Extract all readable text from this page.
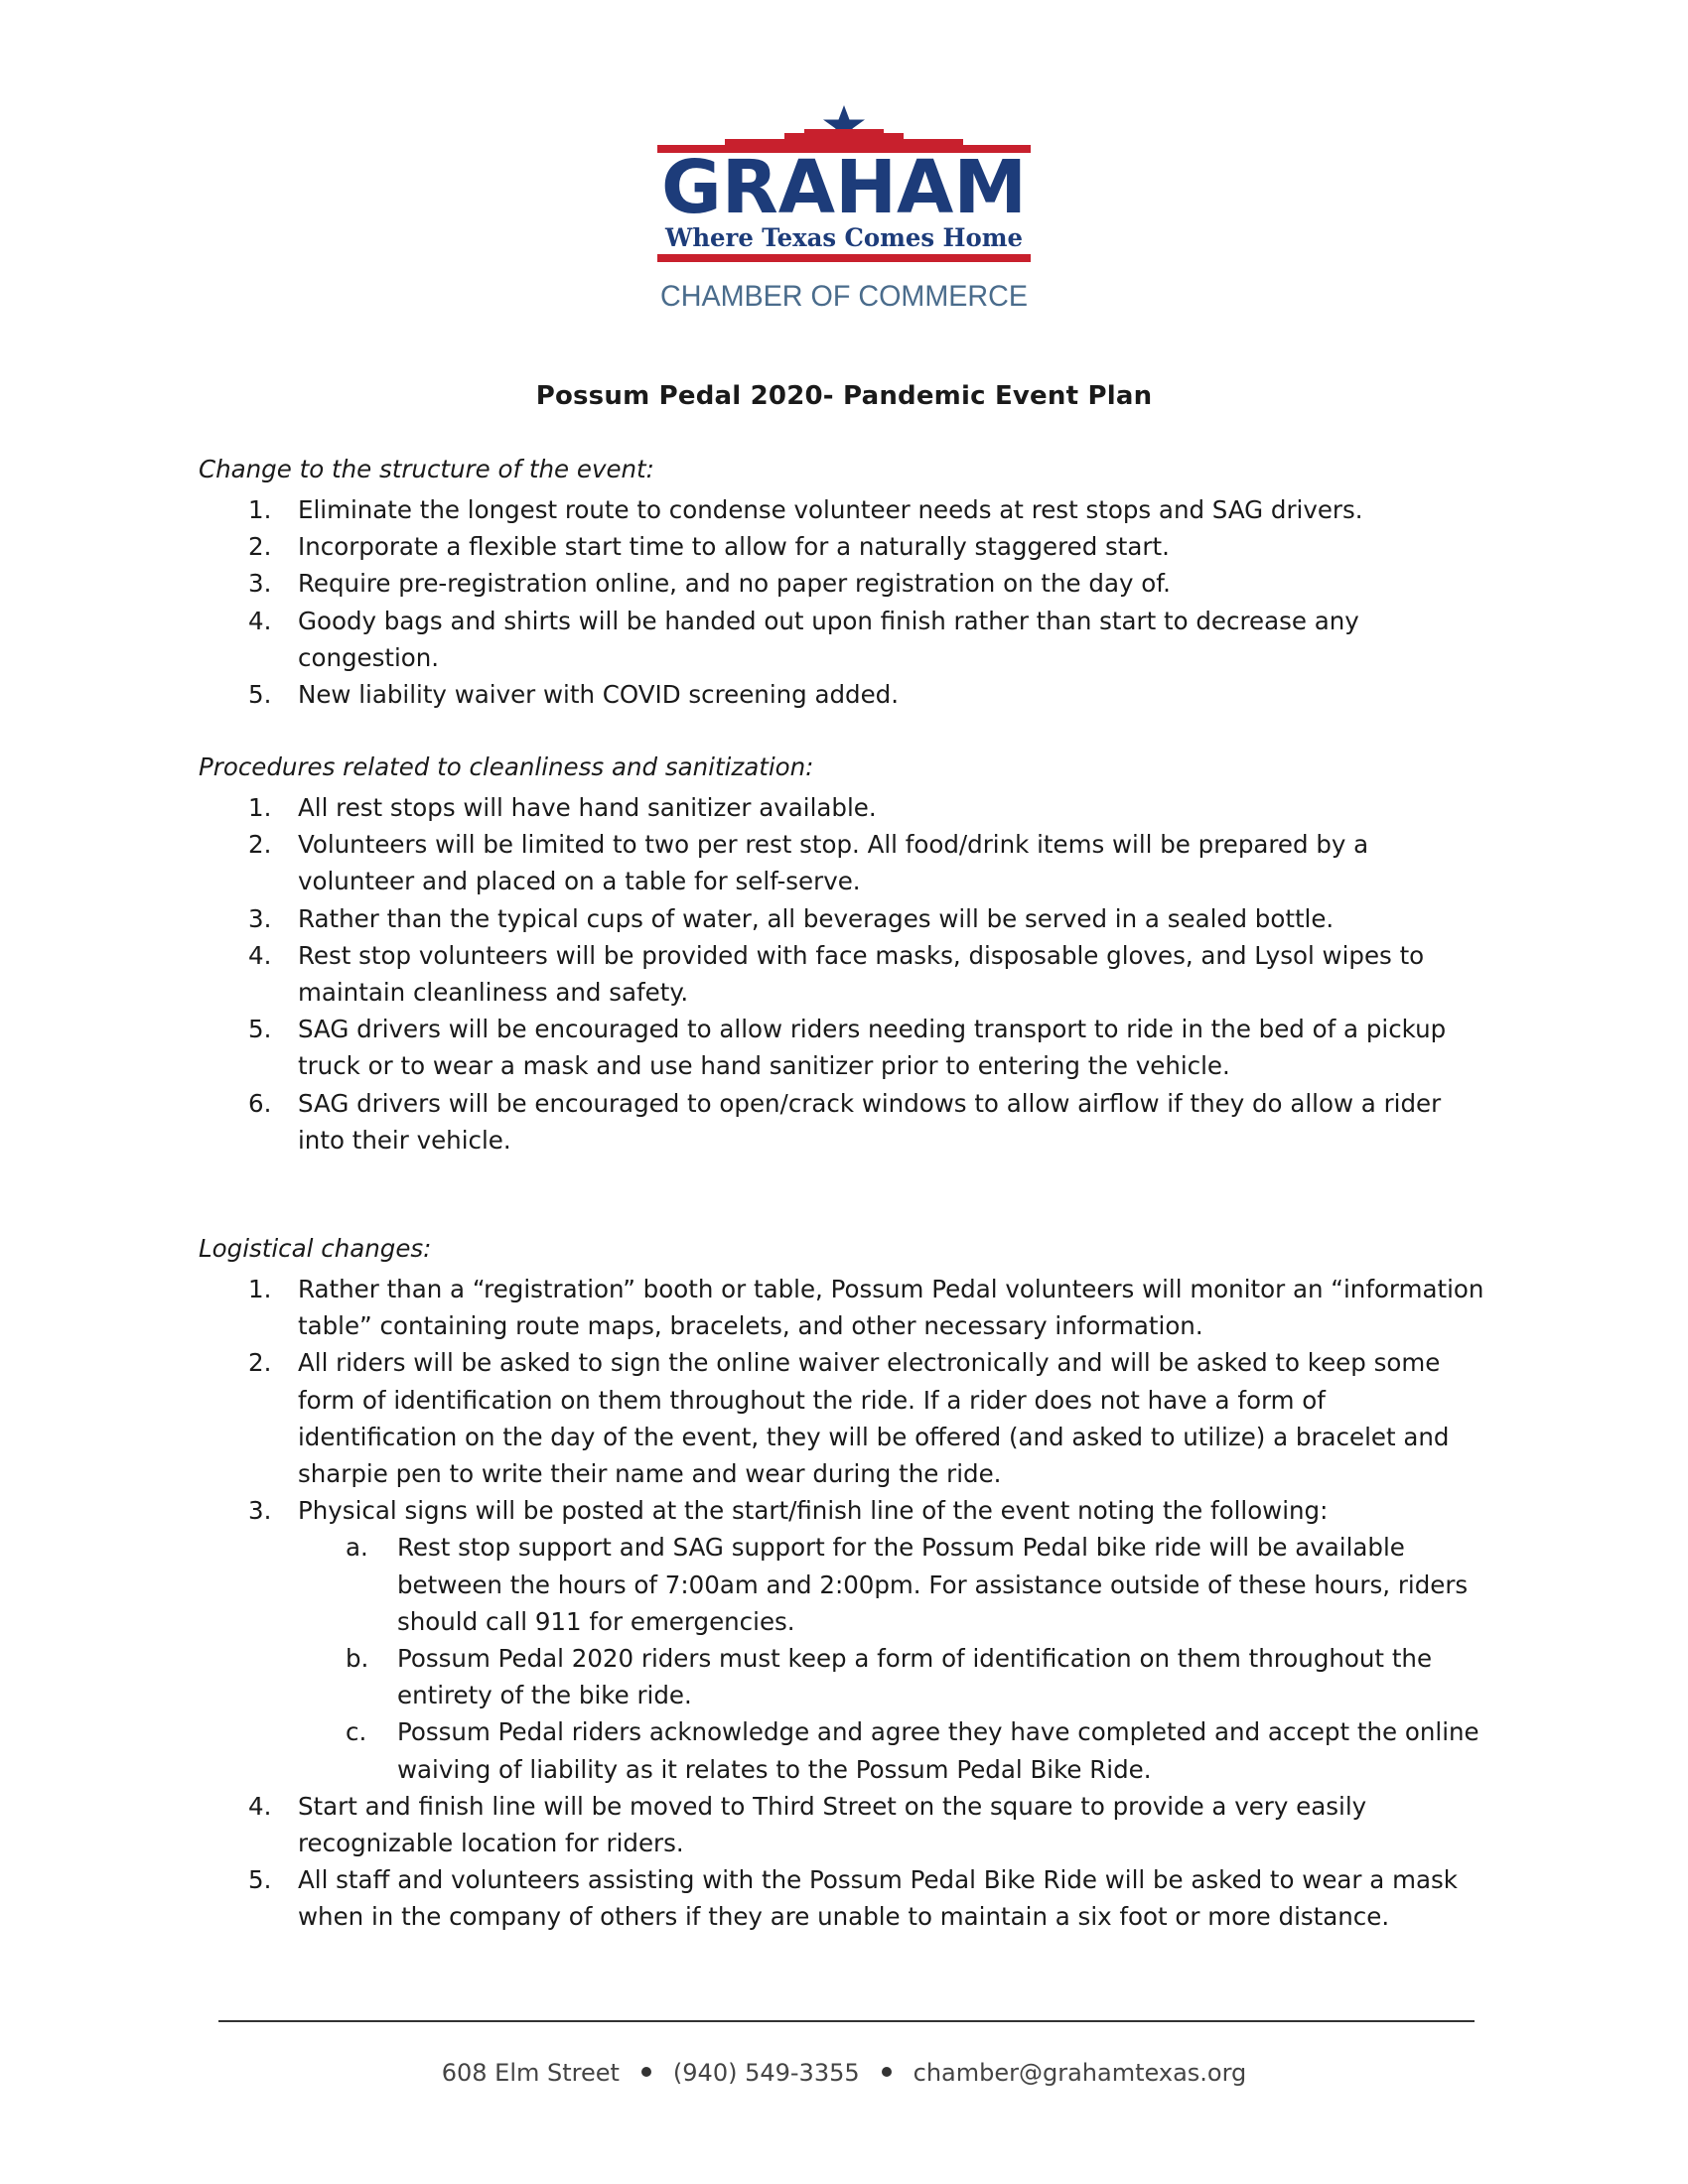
GRAHAM
Where Texas Comes Home
CHAMBER OF COMMERCE
Possum Pedal 2020- Pandemic Event Plan
Change to the structure of the event:
1. Eliminate the longest route to condense volunteer needs at rest stops and SAG drivers.
2. Incorporate a flexible start time to allow for a naturally staggered start.
3. Require pre-registration online, and no paper registration on the day of.
4. Goody bags and shirts will be handed out upon finish rather than start to decrease any congestion.
5. New liability waiver with COVID screening added.
Procedures related to cleanliness and sanitization:
1. All rest stops will have hand sanitizer available.
2. Volunteers will be limited to two per rest stop. All food/drink items will be prepared by a volunteer and placed on a table for self-serve.
3. Rather than the typical cups of water, all beverages will be served in a sealed bottle.
4. Rest stop volunteers will be provided with face masks, disposable gloves, and Lysol wipes to maintain cleanliness and safety.
5. SAG drivers will be encouraged to allow riders needing transport to ride in the bed of a pickup truck or to wear a mask and use hand sanitizer prior to entering the vehicle.
6. SAG drivers will be encouraged to open/crack windows to allow airflow if they do allow a rider into their vehicle.
Logistical changes:
1. Rather than a “registration” booth or table, Possum Pedal volunteers will monitor an “information table” containing route maps, bracelets, and other necessary information.
2. All riders will be asked to sign the online waiver electronically and will be asked to keep some form of identification on them throughout the ride. If a rider does not have a form of identification on the day of the event, they will be offered (and asked to utilize) a bracelet and sharpie pen to write their name and wear during the ride.
3. Physical signs will be posted at the start/finish line of the event noting the following:
a. Rest stop support and SAG support for the Possum Pedal bike ride will be available between the hours of 7:00am and 2:00pm. For assistance outside of these hours, riders should call 911 for emergencies.
b. Possum Pedal 2020 riders must keep a form of identification on them throughout the entirety of the bike ride.
c. Possum Pedal riders acknowledge and agree they have completed and accept the online waiving of liability as it relates to the Possum Pedal Bike Ride.
4. Start and finish line will be moved to Third Street on the square to provide a very easily recognizable location for riders.
5. All staff and volunteers assisting with the Possum Pedal Bike Ride will be asked to wear a mask when in the company of others if they are unable to maintain a six foot or more distance.
608 Elm Street (940) 549-3355 chamber@grahamtexas.org
